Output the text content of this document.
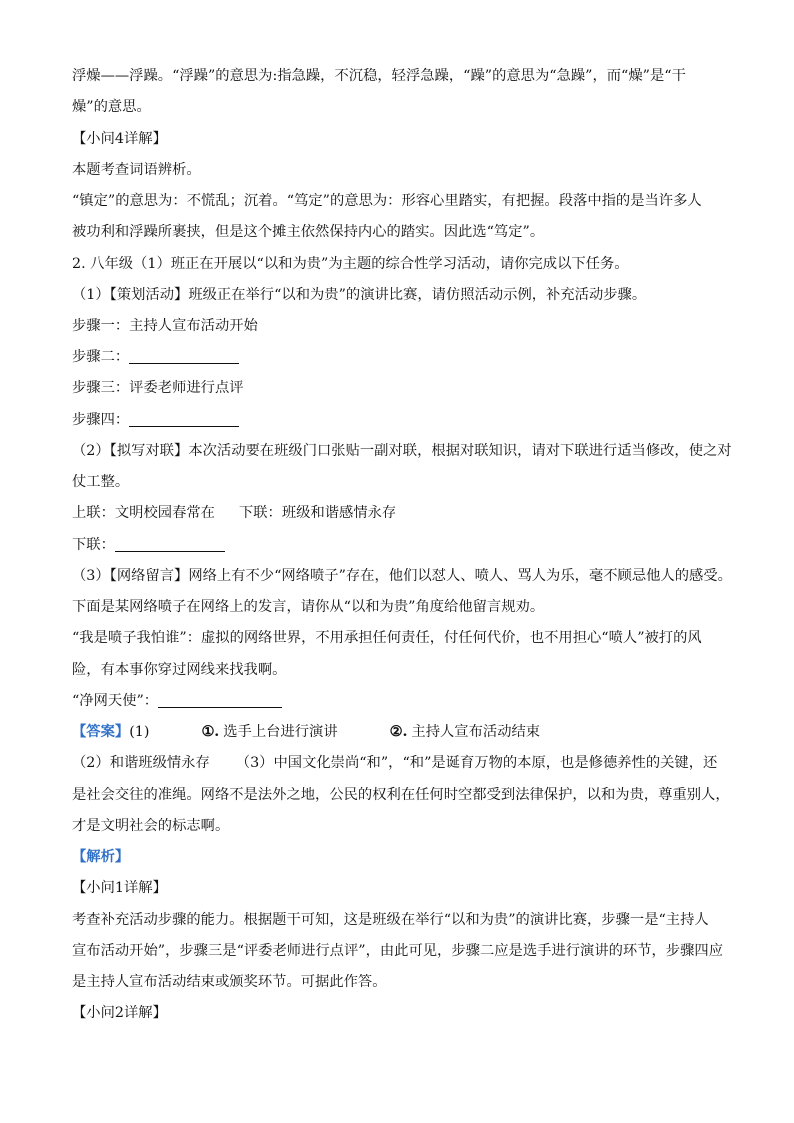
浮燥——浮躁。“浮躁”的意思为:指急躁，不沉稳，轻浮急躁，“躁”的意思为“急躁”，而“燥”是“干
燥”的意思。
【小问4详解】
本题考查词语辨析。
“镇定”的意思为：不慌乱；沉着。“笃定”的意思为：形容心里踏实，有把握。段落中指的是当许多人
被功利和浮躁所裹挟，但是这个摊主依然保持内心的踏实。因此选“笃定”。
2. 八年级（1）班正在开展以“以和为贵”为主题的综合性学习活动，请你完成以下任务。
（1）【策划活动】班级正在举行“以和为贵”的演讲比赛，请仿照活动示例，补充活动步骤。
步骤一：主持人宣布活动开始
步骤二：
步骤三：评委老师进行点评
步骤四：
（2）【拟写对联】本次活动要在班级门口张贴一副对联，根据对联知识，请对下联进行适当修改，使之对
仗工整。
上联：文明校园春常在 下联：班级和谐感情永存
下联：
（3）【网络留言】网络上有不少“网络喷子”存在，他们以怼人、喷人、骂人为乐，毫不顾忌他人的感受。
下面是某网络喷子在网络上的发言，请你从“以和为贵”角度给他留言规劝。
“我是喷子我怕谁”：虚拟的网络世界，不用承担任何责任，付任何代价，也不用担心“喷人”被打的风
险，有本事你穿过网线来找我啊。
“净网天使”：
【答案】(1)	①. 选手上台进行演讲	②. 主持人宣布活动结束
（2）和谐班级情永存 （3）中国文化崇尚“和”，“和”是诞育万物的本原，也是修德养性的关键，还
是社会交往的准绳。网络不是法外之地，公民的权利在任何时空都受到法律保护，以和为贵，尊重别人，
才是文明社会的标志啊。
【解析】
【小问1详解】
考查补充活动步骤的能力。根据题干可知，这是班级在举行“以和为贵”的演讲比赛，步骤一是“主持人
宣布活动开始”，步骤三是“评委老师进行点评”，由此可见，步骤二应是选手进行演讲的环节，步骤四应
是主持人宣布活动结束或颁奖环节。可据此作答。
【小问2详解】
